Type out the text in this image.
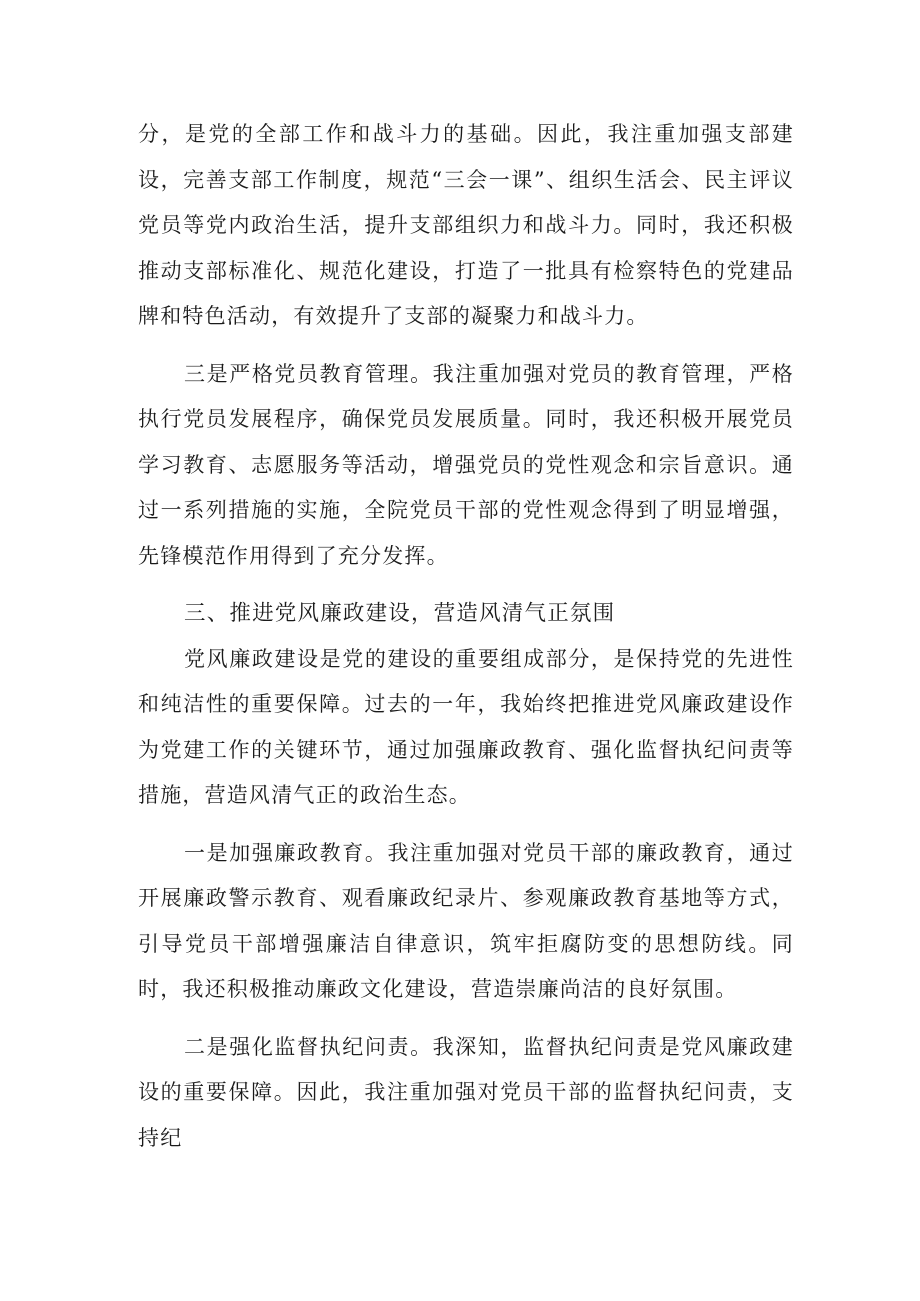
分，是党的全部工作和战斗力的基础。因此，我注重加强支部建设，完善支部工作制度，规范“三会一课”、组织生活会、民主评议党员等党内政治生活，提升支部组织力和战斗力。同时，我还积极推动支部标准化、规范化建设，打造了一批具有检察特色的党建品牌和特色活动，有效提升了支部的凝聚力和战斗力。

三是严格党员教育管理。我注重加强对党员的教育管理，严格执行党员发展程序，确保党员发展质量。同时，我还积极开展党员学习教育、志愿服务等活动，增强党员的党性观念和宗旨意识。通过一系列措施的实施，全院党员干部的党性观念得到了明显增强，先锋模范作用得到了充分发挥。

三、推进党风廉政建设，营造风清气正氛围

党风廉政建设是党的建设的重要组成部分，是保持党的先进性和纯洁性的重要保障。过去的一年，我始终把推进党风廉政建设作为党建工作的关键环节，通过加强廉政教育、强化监督执纪问责等措施，营造风清气正的政治生态。

一是加强廉政教育。我注重加强对党员干部的廉政教育，通过开展廉政警示教育、观看廉政纪录片、参观廉政教育基地等方式，引导党员干部增强廉洁自律意识，筑牢拒腐防变的思想防线。同时，我还积极推动廉政文化建设，营造崇廉尚洁的良好氛围。

二是强化监督执纪问责。我深知，监督执纪问责是党风廉政建设的重要保障。因此，我注重加强对党员干部的监督执纪问责，支持纪
